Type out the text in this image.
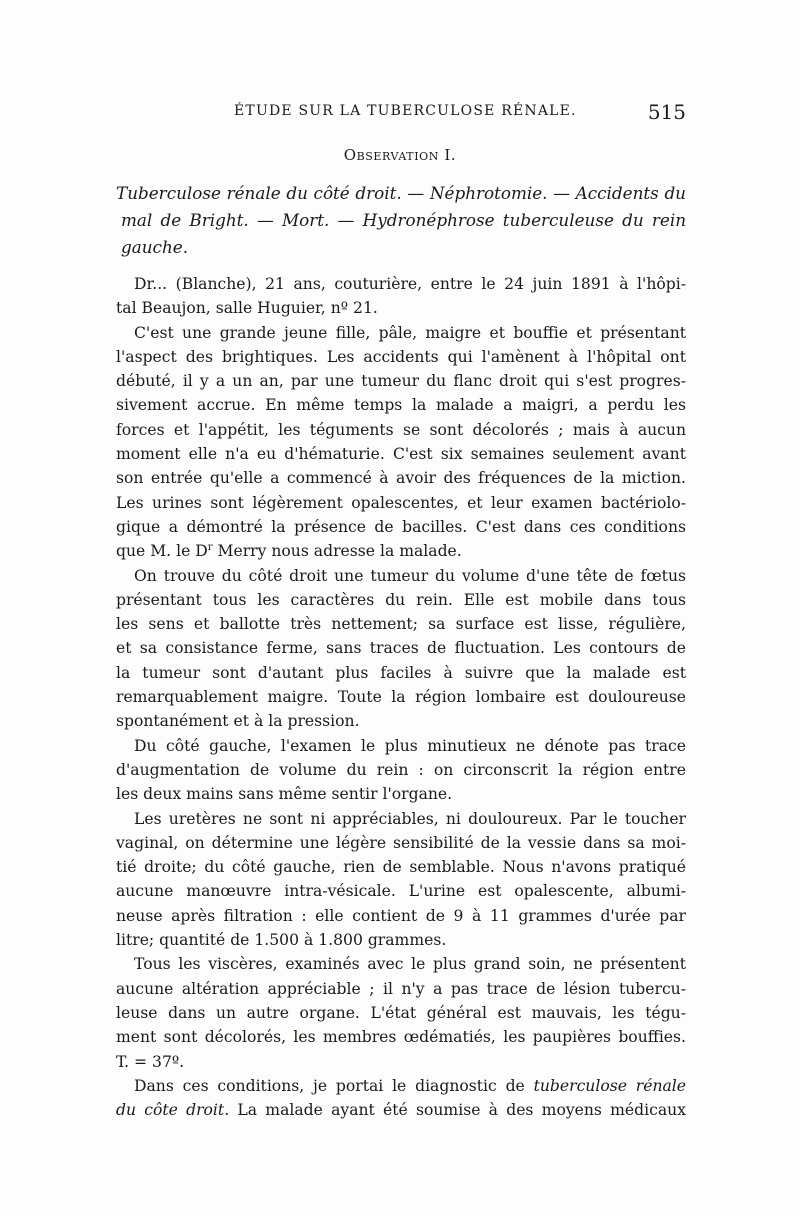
ÉTUDE SUR LA TUBERCULOSE RÉNALE.	515
Observation I.
Tuberculose rénale du côté droit. — Néphrotomie. — Accidents du
mal de Bright. — Mort. — Hydronéphrose tuberculeuse du rein
gauche.
Dr... (Blanche), 21 ans, couturière, entre le 24 juin 1891 à l'hôpi-
tal Beaujon, salle Huguier, nº 21.
C'est une grande jeune fille, pâle, maigre et bouffie et présentant
l'aspect des brightiques. Les accidents qui l'amènent à l'hôpital ont
débuté, il y a un an, par une tumeur du flanc droit qui s'est progres-
sivement accrue. En même temps la malade a maigri, a perdu les
forces et l'appétit, les téguments se sont décolorés ; mais à aucun
moment elle n'a eu d'hématurie. C'est six semaines seulement avant
son entrée qu'elle a commencé à avoir des fréquences de la miction.
Les urines sont légèrement opalescentes, et leur examen bactériolo-
gique a démontré la présence de bacilles. C'est dans ces conditions
que M. le $D^r$ Merry nous adresse la malade.
On trouve du côté droit une tumeur du volume d'une tête de fœtus
présentant tous les caractères du rein. Elle est mobile dans tous
les sens et ballotte très nettement; sa surface est lisse, régulière,
et sa consistance ferme, sans traces de fluctuation. Les contours de
la tumeur sont d'autant plus faciles à suivre que la malade est
remarquablement maigre. Toute la région lombaire est douloureuse
spontanément et à la pression.
Du côté gauche, l'examen le plus minutieux ne dénote pas trace
d'augmentation de volume du rein : on circonscrit la région entre
les deux mains sans même sentir l'organe.
Les uretères ne sont ni appréciables, ni douloureux. Par le toucher
vaginal, on détermine une légère sensibilité de la vessie dans sa moi-
tié droite; du côté gauche, rien de semblable. Nous n'avons pratiqué
aucune manœuvre intra-vésicale. L'urine est opalescente, albumi-
neuse après filtration : elle contient de 9 à 11 grammes d'urée par
litre; quantité de 1.500 à 1.800 grammes.
Tous les viscères, examinés avec le plus grand soin, ne présentent
aucune altération appréciable ; il n'y a pas trace de lésion tubercu-
leuse dans un autre organe. L'état général est mauvais, les tégu-
ment sont décolorés, les membres œdématiés, les paupières bouffies.
T. = 37º.
Dans ces conditions, je portai le diagnostic de tuberculose rénale
du côte droit. La malade ayant été soumise à des moyens médicaux
